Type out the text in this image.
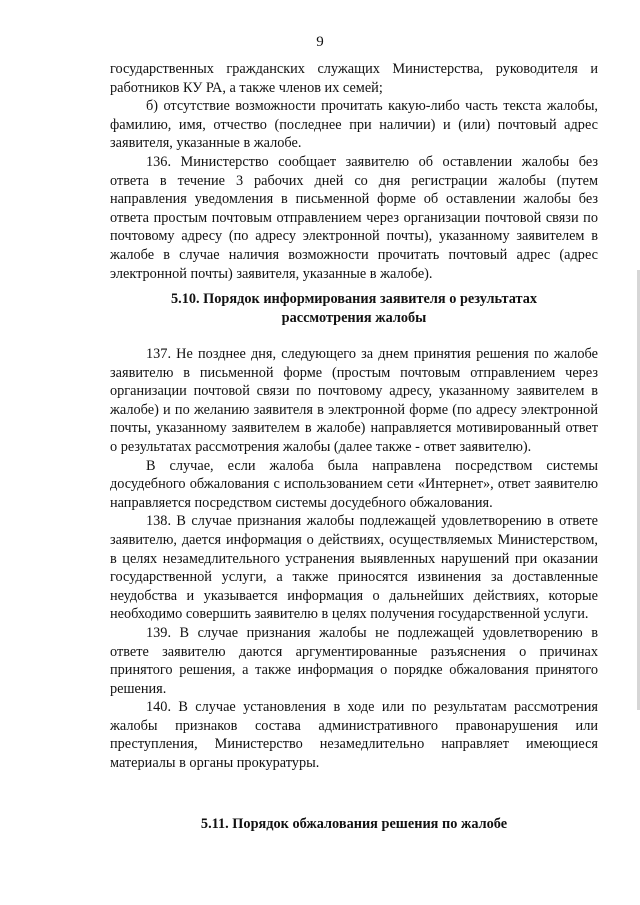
9

государственных гражданских служащих Министерства, руководителя и работников КУ РА, а также членов их семей;

б) отсутствие возможности прочитать какую-либо часть текста жалобы, фамилию, имя, отчество (последнее при наличии) и (или) почтовый адрес заявителя, указанные в жалобе.

136. Министерство сообщает заявителю об оставлении жалобы без ответа в течение 3 рабочих дней со дня регистрации жалобы (путем направления уведомления в письменной форме об оставлении жалобы без ответа простым почтовым отправлением через организации почтовой связи по почтовому адресу (по адресу электронной почты), указанному заявителем в жалобе в случае наличия возможности прочитать почтовый адрес (адрес электронной почты) заявителя, указанные в жалобе).

5.10. Порядок информирования заявителя о результатах
рассмотрения жалобы

137. Не позднее дня, следующего за днем принятия решения по жалобе заявителю в письменной форме (простым почтовым отправлением через организации почтовой связи по почтовому адресу, указанному заявителем в жалобе) и по желанию заявителя в электронной форме (по адресу электронной почты, указанному заявителем в жалобе) направляется мотивированный ответ о результатах рассмотрения жалобы (далее также - ответ заявителю).

В случае, если жалоба была направлена посредством системы досудебного обжалования с использованием сети «Интернет», ответ заявителю направляется посредством системы досудебного обжалования.

138. В случае признания жалобы подлежащей удовлетворению в ответе заявителю, дается информация о действиях, осуществляемых Министерством, в целях незамедлительного устранения выявленных нарушений при оказании государственной услуги, а также приносятся извинения за доставленные неудобства и указывается информация о дальнейших действиях, которые необходимо совершить заявителю в целях получения государственной услуги.

139. В случае признания жалобы не подлежащей удовлетворению в ответе заявителю даются аргументированные разъяснения о причинах принятого решения, а также информация о порядке обжалования принятого решения.

140. В случае установления в ходе или по результатам рассмотрения жалобы признаков состава административного правонарушения или преступления, Министерство незамедлительно направляет имеющиеся материалы в органы прокуратуры.

5.11. Порядок обжалования решения по жалобе
